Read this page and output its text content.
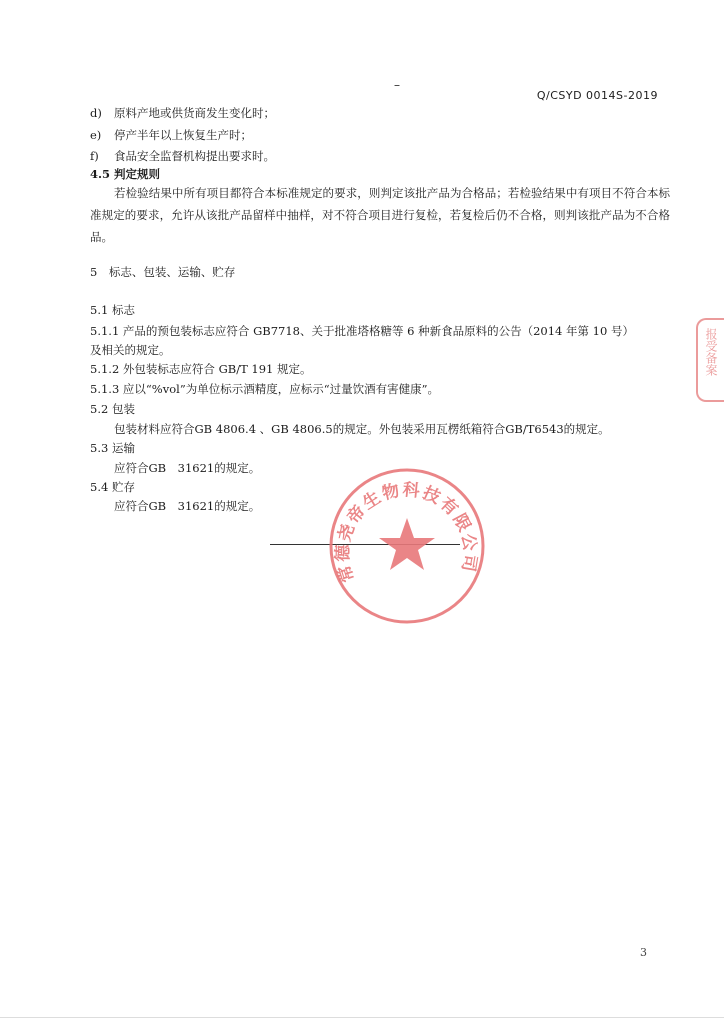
–
Q/CSYD 0014S-2019
d) 原料产地或供货商发生变化时；
e) 停产半年以上恢复生产时；
f) 食品安全监督机构提出要求时。
4.5 判定规则
若检验结果中所有项目都符合本标准规定的要求，则判定该批产品为合格品；若检验结果中有项目不符合本标准规定的要求，允许从该批产品留样中抽样，对不符合项目进行复检，若复检后仍不合格，则判该批产品为不合格品。
5　标志、包装、运输、贮存
5.1 标志
5.1.1 产品的预包装标志应符合 GB7718、关于批准塔格糖等 6 种新食品原料的公告（2014 年第 10 号）
及相关的规定。
5.1.2 外包装标志应符合 GB/T 191 规定。
5.1.3 应以“%vol”为单位标示酒精度，应标示“过量饮酒有害健康”。
5.2 包装
包装材料应符合GB 4806.4 、GB 4806.5的规定。外包装采用瓦楞纸箱符合GB/T6543的规定。
5.3 运输
应符合GB　31621的规定。
5.4 贮存
应符合GB　31621的规定。
常德尧帝生物科技有限公司
报受备案
3
